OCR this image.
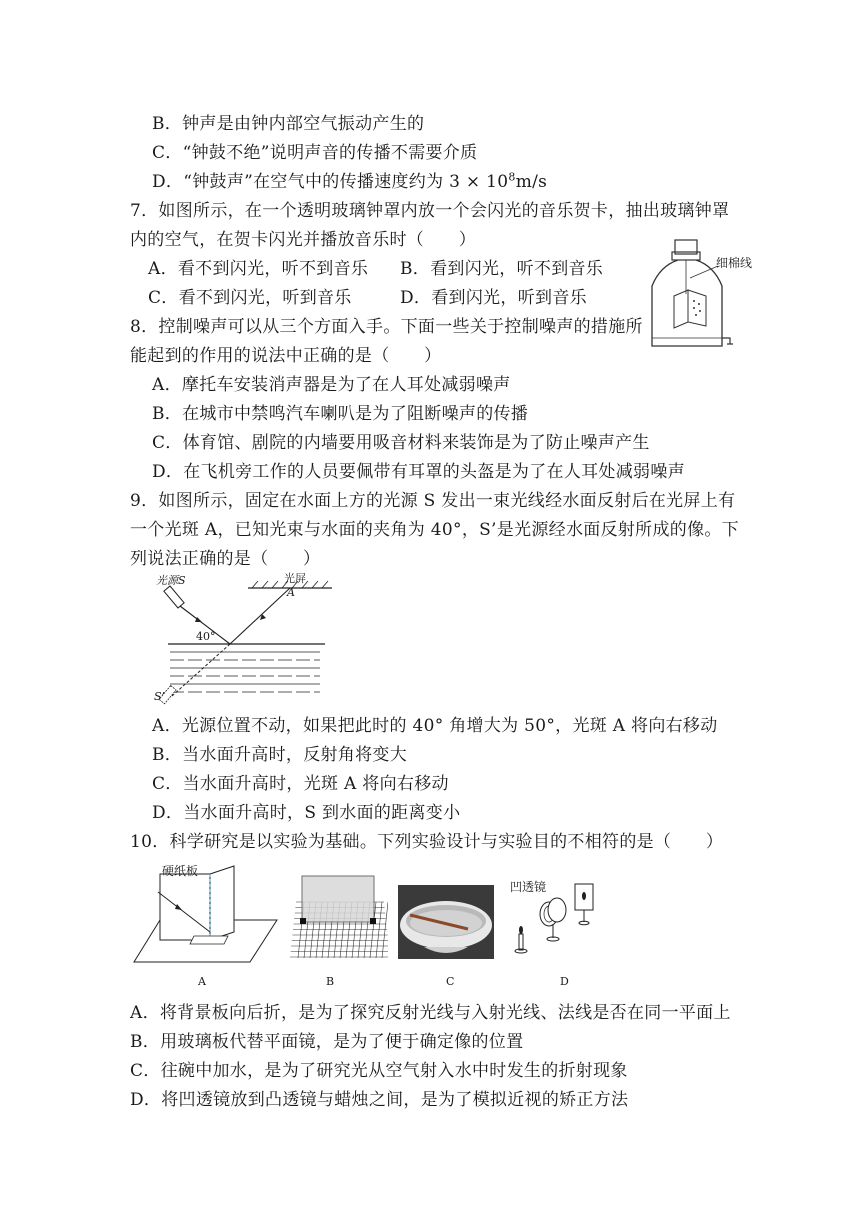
B．钟声是由钟内部空气振动产生的
C．“钟鼓不绝”说明声音的传播不需要介质
D．“钟鼓声”在空气中的传播速度约为 $3 \times 10^8m/s$
7．如图所示，在一个透明玻璃钟罩内放一个会闪光的音乐贺卡，抽出玻璃钟罩
内的空气，在贺卡闪光并播放音乐时（　　）
A．看不到闪光，听不到音乐 B．看到闪光，听不到音乐
C．看不到闪光，听到音乐	D．看到闪光，听到音乐
细棉线
8．控制噪声可以从三个方面入手。下面一些关于控制噪声的措施所
能起到的作用的说法中正确的是（　　）
A．摩托车安装消声器是为了在人耳处减弱噪声
B．在城市中禁鸣汽车喇叭是为了阻断噪声的传播
C．体育馆、剧院的内墙要用吸音材料来装饰是为了防止噪声产生
D．在飞机旁工作的人员要佩带有耳罩的头盔是为了在人耳处减弱噪声
9．如图所示，固定在水面上方的光源 S 发出一束光线经水面反射后在光屏上有
一个光斑 A，已知光束与水面的夹角为 40°，S’是光源经水面反射所成的像。下
列说法正确的是（　　）
光源S	光屏
A
40°
S’
A．光源位置不动，如果把此时的 40° 角增大为 50°，光斑 A 将向右移动
B．当水面升高时，反射角将变大
C．当水面升高时，光斑 A 将向右移动
D．当水面升高时，S 到水面的距离变小
10．科学研究是以实验为基础。下列实验设计与实验目的不相符的是（　　）
硬纸板
凹透镜
A	B	C	D
A．将背景板向后折，是为了探究反射光线与入射光线、法线是否在同一平面上
B．用玻璃板代替平面镜，是为了便于确定像的位置
C．往碗中加水，是为了研究光从空气射入水中时发生的折射现象
D．将凹透镜放到凸透镜与蜡烛之间，是为了模拟近视的矫正方法
